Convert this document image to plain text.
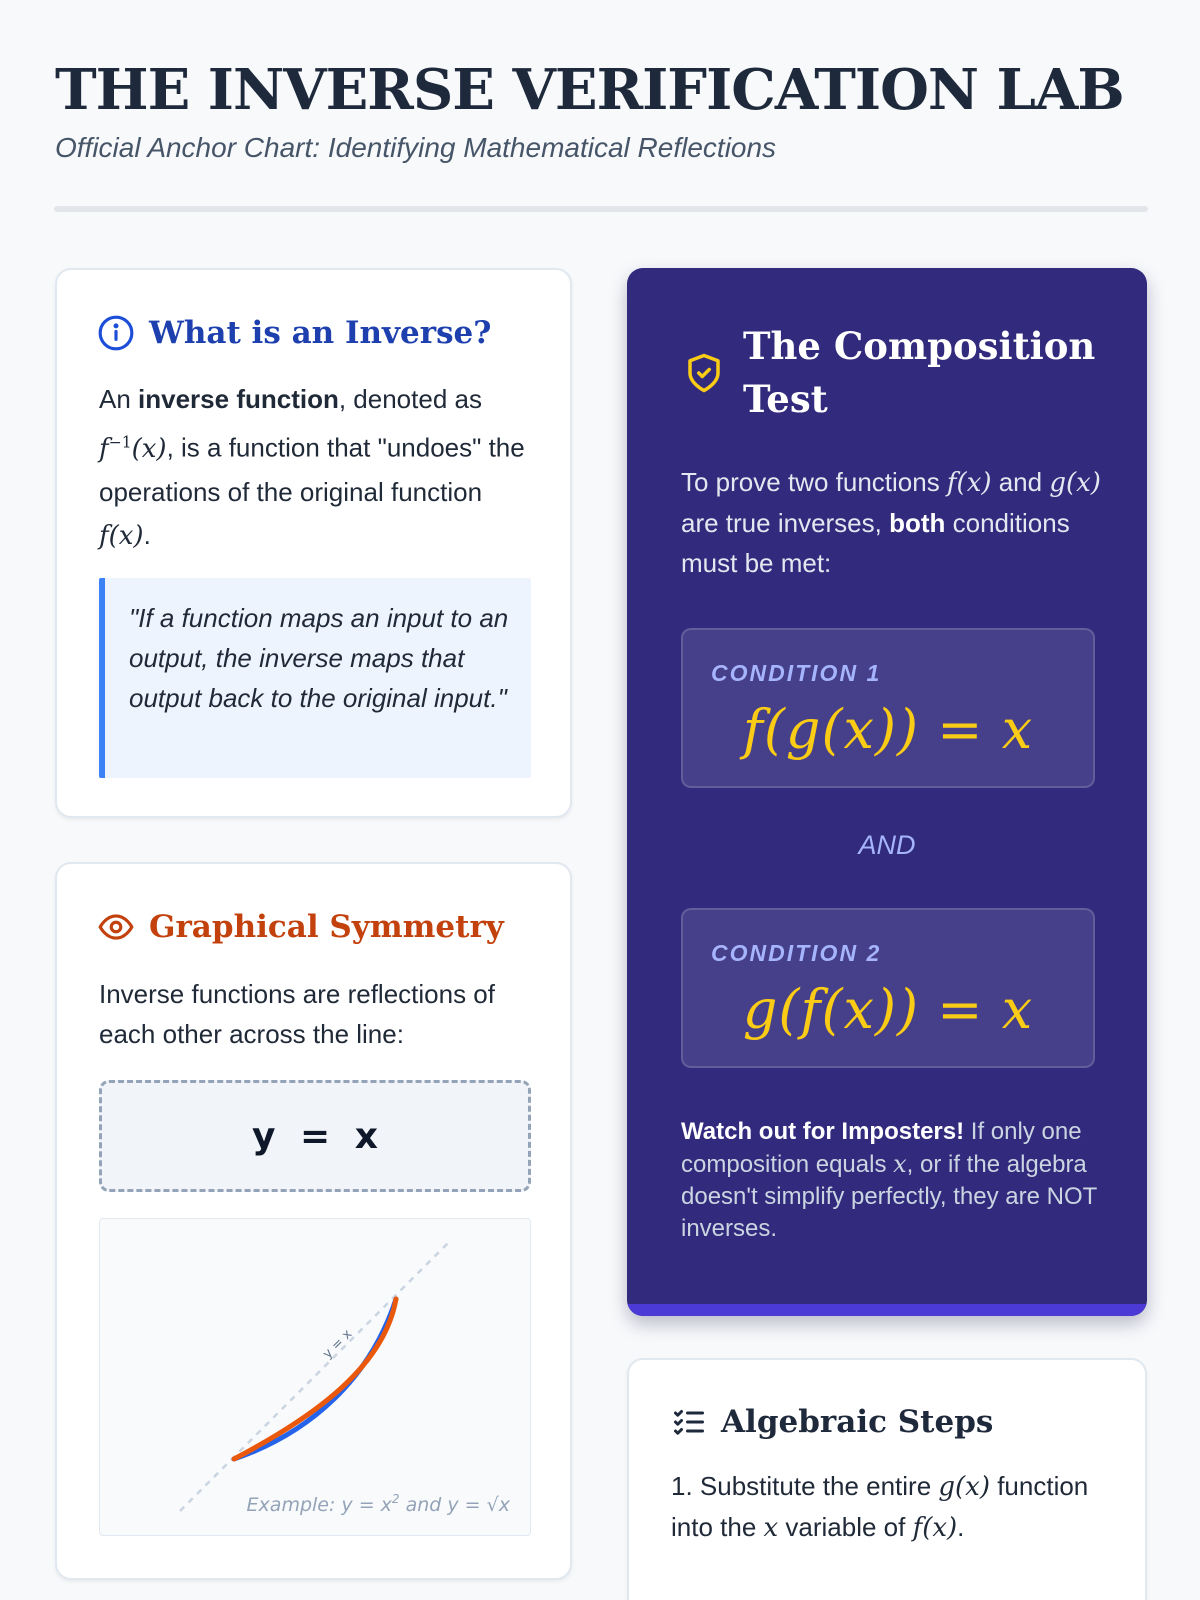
THE INVERSE VERIFICATION LAB
Official Anchor Chart: Identifying Mathematical Reflections
What is an Inverse?
An inverse function, denoted as $f^{-1}(x)$, is a function that "undoes" the operations of the original function f(x).
"If a function maps an input to an output, the inverse maps that output back to the original input."
Graphical Symmetry
Inverse functions are reflections of each other across the line:
y = x
y = x
Example: $y = x^2$ and y = √x
The Composition Test
To prove two functions f(x) and g(x) are true inverses, both conditions must be met:
CONDITION 1
f(g(x)) = x
AND
CONDITION 2
g(f(x)) = x
Watch out for Imposters! If only one composition equals x, or if the algebra doesn't simplify perfectly, they are NOT inverses.
Algebraic Steps
1. Substitute the entire g(x) function into the x variable of f(x).
